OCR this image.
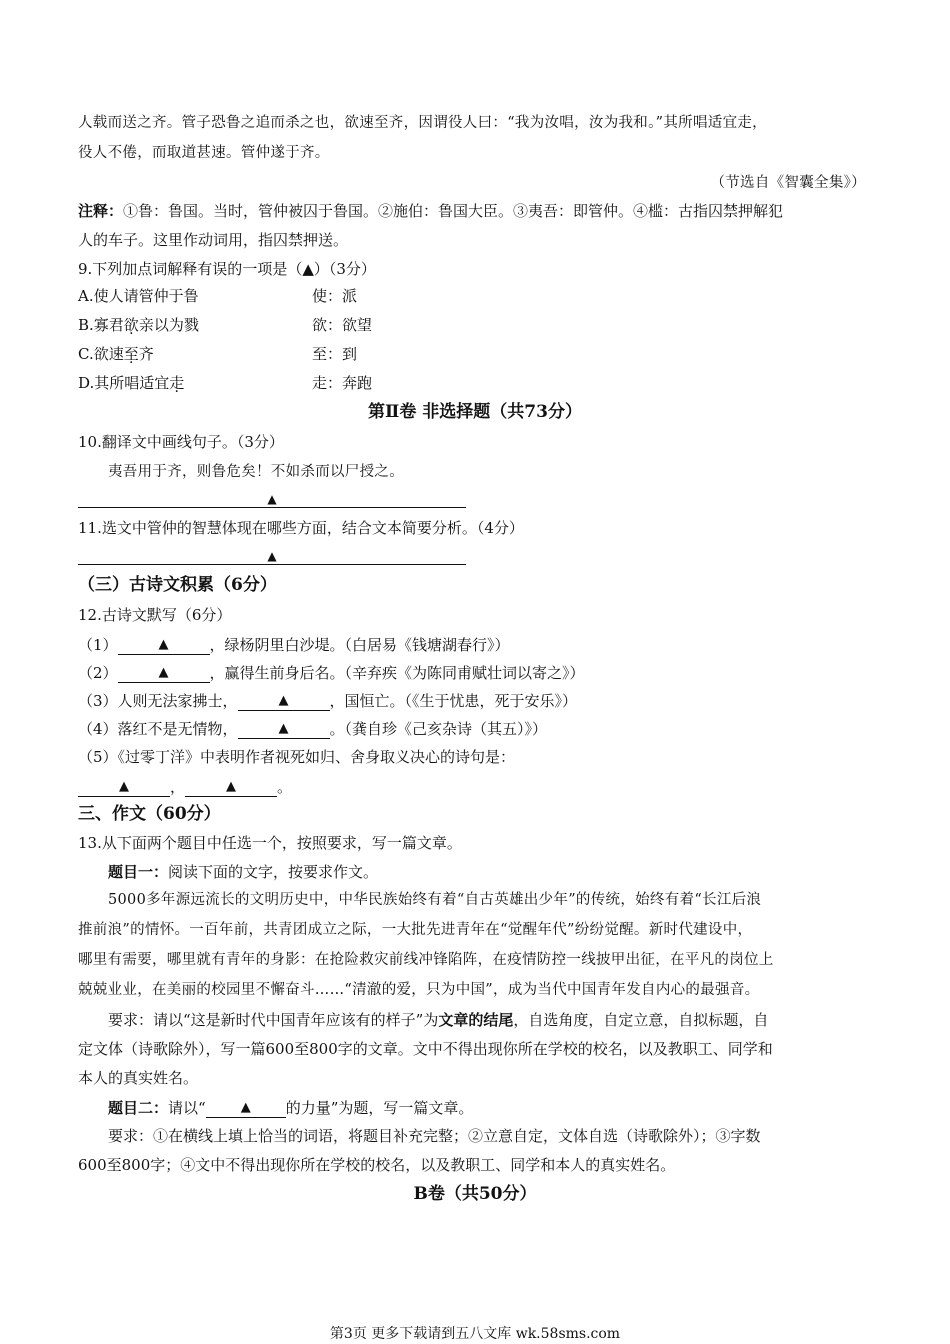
人载而送之齐。管子恐鲁之追而杀之也，欲速至齐，因谓役人曰：“我为汝唱，汝为我和。”其所唱适宜走，
役人不倦，而取道甚速。管仲遂于齐。
（节选自《智囊全集》）
注释：①鲁：鲁国。当时，管仲被囚于鲁国。②施伯：鲁国大臣。③夷吾：即管仲。④槛：古指囚禁押解犯
人的车子。这里作动词用，指囚禁押送。
9.下列加点词解释有误的一项是（▲）（3分）
A.使人请管仲于鲁	使：派
B.寡君欲亲以为戮	欲：欲望
C.欲速至齐	至：到
D.其所唱适宜走	走：奔跑
第Ⅱ卷 非选择题（共73分）
10.翻译文中画线句子。（3分）
夷吾用于齐，则鲁危矣！不如杀而以尸授之。
▲
11.选文中管仲的智慧体现在哪些方面，结合文本简要分析。（4分）
▲
（三）古诗文积累（6分）
12.古诗文默写（6分）
（1）	▲	，绿杨阴里白沙堤。（白居易《钱塘湖春行》）
（2）	▲	，赢得生前身后名。（辛弃疾《为陈同甫赋壮词以寄之》）
（3）人则无法家拂士，	▲	，国恒亡。（《生于忧患，死于安乐》）
（4）落红不是无情物，	▲	。（龚自珍《己亥杂诗（其五）》）
（5）《过零丁洋》中表明作者视死如归、舍身取义决心的诗句是：
▲	，	▲	。
三、作文（60分）
13.从下面两个题目中任选一个，按照要求，写一篇文章。
题目一：阅读下面的文字，按要求作文。
5000多年源远流长的文明历史中，中华民族始终有着“自古英雄出少年”的传统，始终有着“长江后浪
推前浪”的情怀。一百年前，共青团成立之际，一大批先进青年在“觉醒年代”纷纷觉醒。新时代建设中，
哪里有需要，哪里就有青年的身影：在抢险救灾前线冲锋陷阵，在疫情防控一线披甲出征，在平凡的岗位上
兢兢业业，在美丽的校园里不懈奋斗……“清澈的爱，只为中国”，成为当代中国青年发自内心的最强音。
要求：请以“这是新时代中国青年应该有的样子”为文章的结尾，自选角度，自定立意，自拟标题，自
定文体（诗歌除外），写一篇600至800字的文章。文中不得出现你所在学校的校名，以及教职工、同学和
本人的真实姓名。
题目二：请以“	▲ 的力量”为题，写一篇文章。
要求：①在横线上填上恰当的词语，将题目补充完整；②立意自定，文体自选（诗歌除外）；③字数
600至800字；④文中不得出现你所在学校的校名，以及教职工、同学和本人的真实姓名。
B卷（共50分）
第3页 更多下载请到五八文库 wk.58sms.com
